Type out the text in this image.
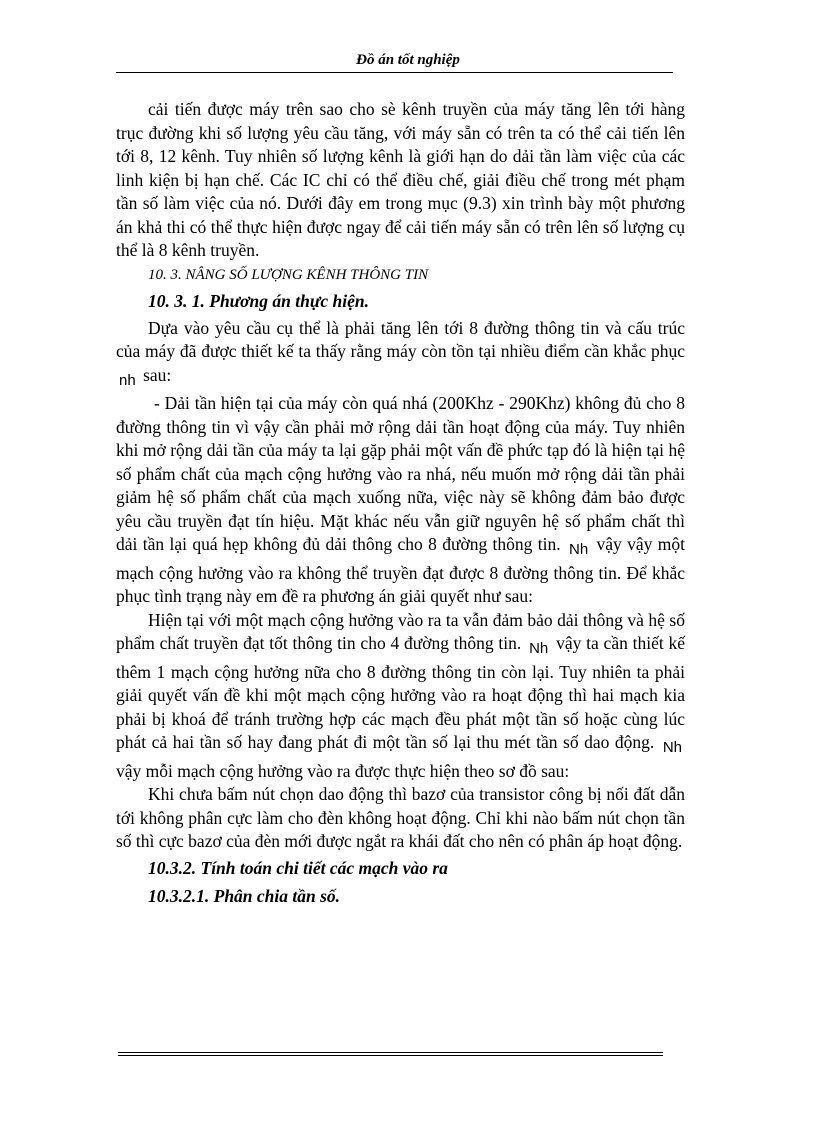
Đồ án tốt nghiệp

cải tiến được máy trên sao cho sè kênh truyền của máy tăng lên tới hàng trục đường khi số lượng yêu cầu tăng, với máy sẵn có trên ta có thể cải tiến lên tới 8, 12 kênh. Tuy nhiên số lượng kênh là giới hạn do dải tần làm việc của các linh kiện bị hạn chế. Các IC chỉ có thể điều chế, giải điều chế trong mét phạm tần số làm việc của nó. Dưới đây em trong mục (9.3) xin trình bày một phương án khả thi có thể thực hiện được ngay để cải tiến máy sẵn có trên lên số lượng cụ thể là 8 kênh truyền.

10. 3. NÂNG SỐ LƯỢNG KÊNH THÔNG TIN

10. 3. 1. Phương án thực hiện.

Dựa vào yêu cầu cụ thể là phải tăng lên tới 8 đường thông tin và cấu trúc của máy đã được thiết kế ta thấy rằng máy còn tồn tại nhiều điểm cần khắc phục nh sau:

- Dải tần hiện tại của máy còn quá nhá (200Khz - 290Khz) không đủ cho 8 đường thông tin vì vậy cần phải mở rộng dải tần hoạt động của máy. Tuy nhiên khi mở rộng dải tần của máy ta lại gặp phải một vấn đề phức tạp đó là hiện tại hệ số phẩm chất của mạch cộng hưởng vào ra nhá, nếu muốn mở rộng dải tần phải giảm hệ số phẩm chất của mạch xuống nữa, việc này sẽ không đảm bảo được yêu cầu truyền đạt tín hiệu. Mặt khác nếu vẫn giữ nguyên hệ số phẩm chất thì dải tần lại quá hẹp không đủ dải thông cho 8 đường thông tin. Nh vậy vậy một mạch cộng hưởng vào ra không thể truyền đạt được 8 đường thông tin. Để khắc phục tình trạng này em đề ra phương án giải quyết như sau:

Hiện tại với một mạch cộng hưởng vào ra ta vẫn đảm bảo dải thông và hệ số phẩm chất truyền đạt tốt thông tin cho 4 đường thông tin. Nh vậy ta cần thiết kế thêm 1 mạch cộng hưởng nữa cho 8 đường thông tin còn lại. Tuy nhiên ta phải giải quyết vấn đề khi một mạch cộng hưởng vào ra hoạt động thì hai mạch kia phải bị khoá để tránh trường hợp các mạch đều phát một tần số hoặc cùng lúc phát cả hai tần số hay đang phát đi một tần số lại thu mét tần số dao động. Nh vậy mỗi mạch cộng hưởng vào ra được thực hiện theo sơ đồ sau:

Khi chưa bấm nút chọn dao động thì bazơ của transistor công bị nối đất dẫn tới không phân cực làm cho đèn không hoạt động. Chỉ khi nào bấm nút chọn tần số thì cực bazơ của đèn mới được ngắt ra khái đất cho nên có phân áp hoạt động.

10.3.2. Tính toán chi tiết các mạch vào ra

10.3.2.1. Phân chia tần số.
